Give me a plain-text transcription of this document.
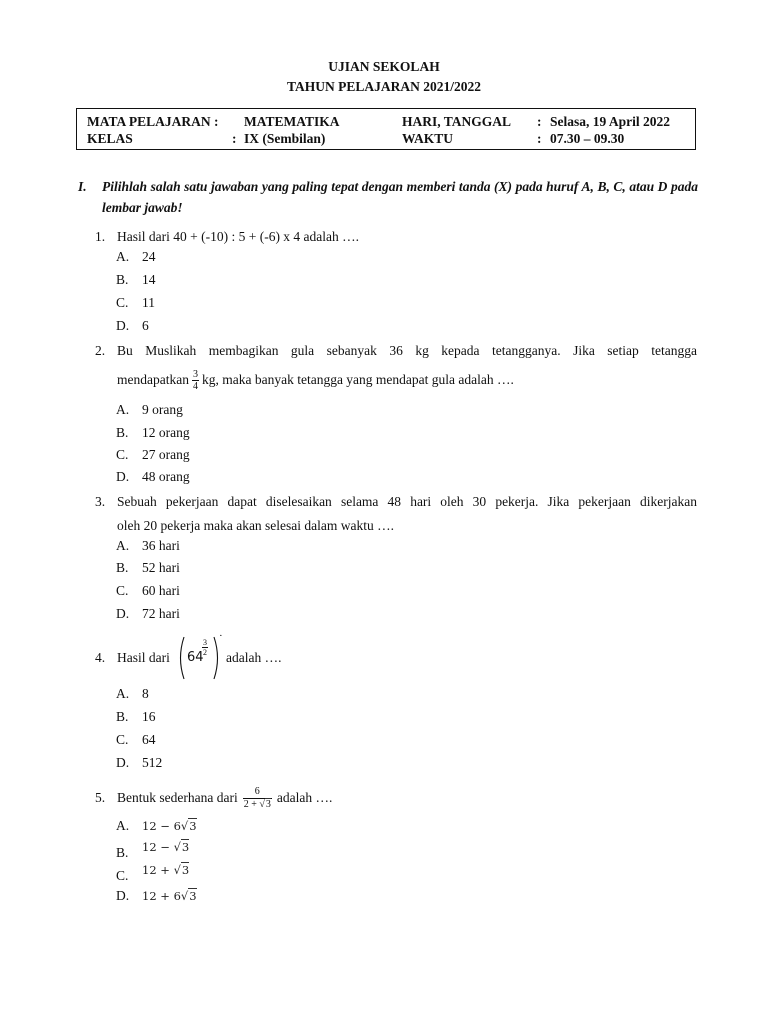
UJIAN SEKOLAH
TAHUN PELAJARAN 2021/2022
MATA PELAJARAN : MATEMATIKA
KELAS	: IX (Sembilan)
HARI, TANGGAL : Selasa, 19 April 2022
WAKTU	: 07.30 – 09.30
I. Pilihlah salah satu jawaban yang paling tepat dengan memberi tanda (X) pada huruf A, B, C, atau D pada lembar jawab!
1. Hasil dari 40 + (-10) : 5 + (-6) x 4 adalah ….
A. 24
B. 14
C. 11
D. 6
2. Bu Muslikah membagikan gula sebanyak 36 kg kepada tetangganya. Jika setiap tetangga
mendapatkan $\frac{3}{4}$ kg, maka banyak tetangga yang mendapat gula adalah ….
A. 9 orang
B. 12 orang
C. 27 orang
D. 48 orang
3. Sebuah pekerjaan dapat diselesaikan selama 48 hari oleh 30 pekerja. Jika pekerjaan dikerjakan
oleh 20 pekerja maka akan selesai dalam waktu ….
A. 36 hari
B. 52 hari
C. 60 hari
D. 72 hari
4. Hasil dari	adalah ….
64
$\frac{3}{2}$
·
A. 8
B. 16
C. 64
D. 512
5. Bentuk sederhana dari $\frac{6}{2 + √3}$ adalah ….
A. 12 − 6√3
B. 12 − √3
C. 12 + √3
D. 12 + 6√3
